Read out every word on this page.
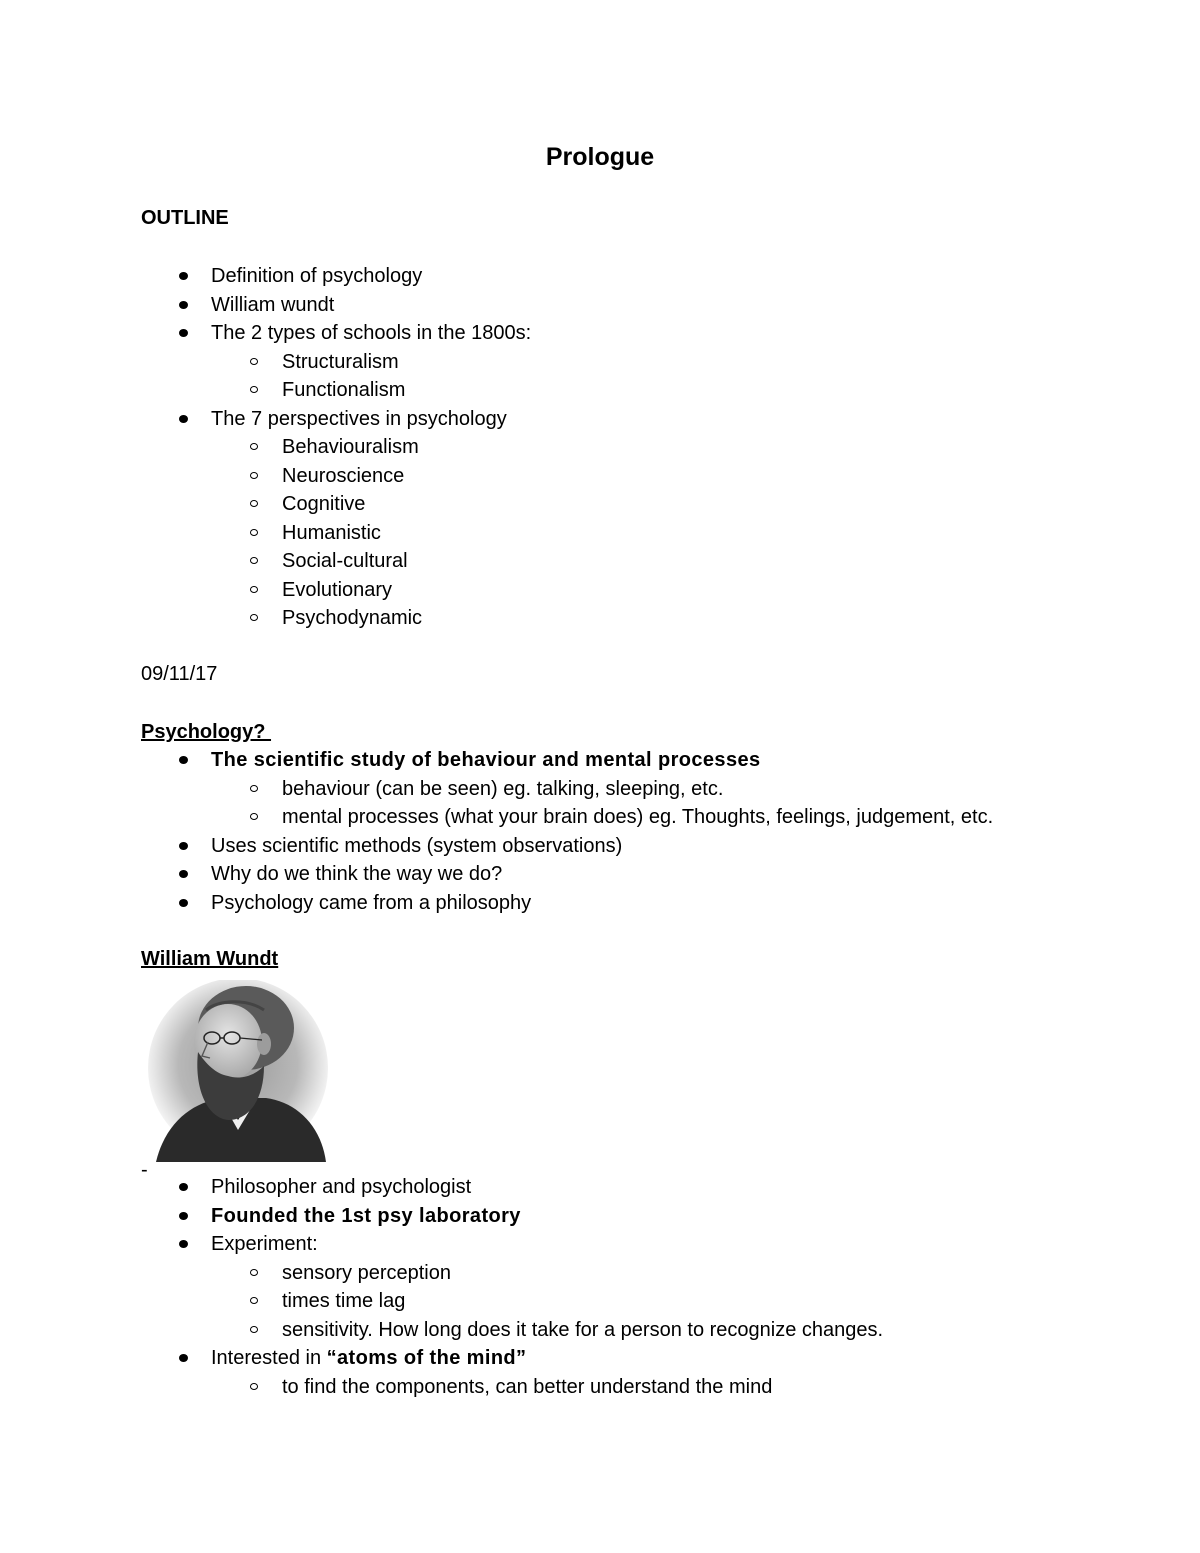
Prologue
OUTLINE
Definition of psychology
William wundt
The 2 types of schools in the 1800s:
Structuralism
Functionalism
The 7 perspectives in psychology
Behaviouralism
Neuroscience
Cognitive
Humanistic
Social-cultural
Evolutionary
Psychodynamic
09/11/17
Psychology?
The scientific study of behaviour and mental processes
behaviour (can be seen) eg. talking, sleeping, etc.
mental processes (what your brain does) eg. Thoughts, feelings, judgement, etc.
Uses scientific methods (system observations)
Why do we think the way we do?
Psychology came from a philosophy
William Wundt
-
Philosopher and psychologist
Founded the 1st psy laboratory
Experiment:
sensory perception
times time lag
sensitivity. How long does it take for a person to recognize changes.
Interested in “atoms of the mind”
to find the components, can better understand the mind
